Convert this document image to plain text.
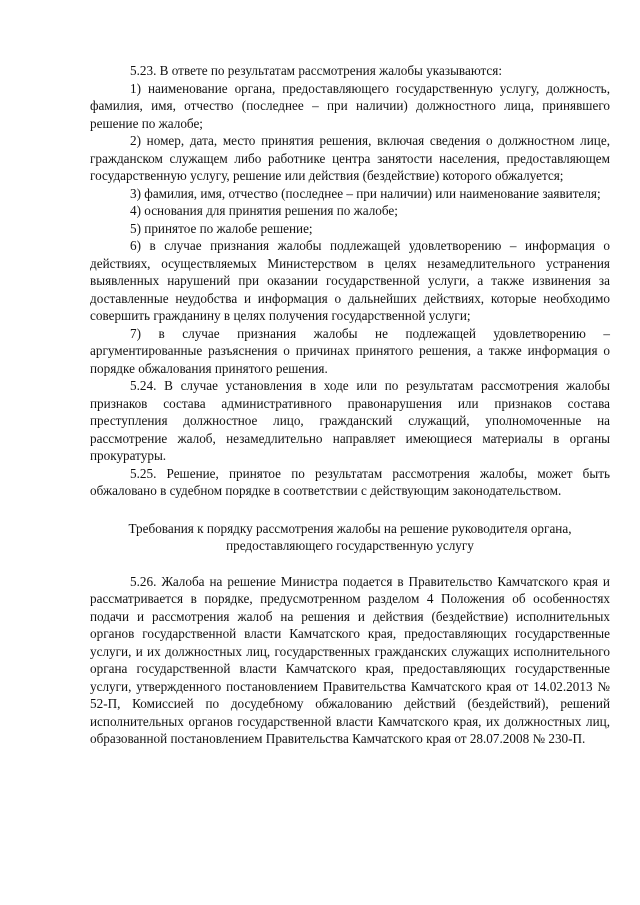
5.23. В ответе по результатам рассмотрения жалобы указываются:

1) наименование органа, предоставляющего государственную услугу, должность, фамилия, имя, отчество (последнее – при наличии) должностного лица, принявшего решение по жалобе;

2) номер, дата, место принятия решения, включая сведения о должностном лице, гражданском служащем либо работнике центра занятости населения, предоставляющем государственную услугу, решение или действия (бездействие) которого обжалуется;

3) фамилия, имя, отчество (последнее – при наличии) или наименование заявителя;

4) основания для принятия решения по жалобе;

5) принятое по жалобе решение;

6) в случае признания жалобы подлежащей удовлетворению – информация о действиях, осуществляемых Министерством в целях незамедлительного устранения выявленных нарушений при оказании государственной услуги, а также извинения за доставленные неудобства и информация о дальнейших действиях, которые необходимо совершить гражданину в целях получения государственной услуги;

7) в случае признания жалобы не подлежащей удовлетворению – аргументированные разъяснения о причинах принятого решения, а также информация о порядке обжалования принятого решения.

5.24. В случае установления в ходе или по результатам рассмотрения жалобы признаков состава административного правонарушения или признаков состава преступления должностное лицо, гражданский служащий, уполномоченные на рассмотрение жалоб, незамедлительно направляет имеющиеся материалы в органы прокуратуры.

5.25. Решение, принятое по результатам рассмотрения жалобы, может быть обжаловано в судебном порядке в соответствии с действующим законодательством.

Требования к порядку рассмотрения жалобы на решение руководителя органа,
предоставляющего государственную услугу

5.26. Жалоба на решение Министра подается в Правительство Камчатского края и рассматривается в порядке, предусмотренном разделом 4 Положения об особенностях подачи и рассмотрения жалоб на решения и действия (бездействие) исполнительных органов государственной власти Камчатского края, предоставляющих государственные услуги, и их должностных лиц, государственных гражданских служащих исполнительного органа государственной власти Камчатского края, предоставляющих государственные услуги, утвержденного постановлением Правительства Камчатского края от 14.02.2013 № 52-П, Комиссией по досудебному обжалованию действий (бездействий), решений исполнительных органов государственной власти Камчатского края, их должностных лиц, образованной постановлением Правительства Камчатского края от 28.07.2008 № 230-П.
